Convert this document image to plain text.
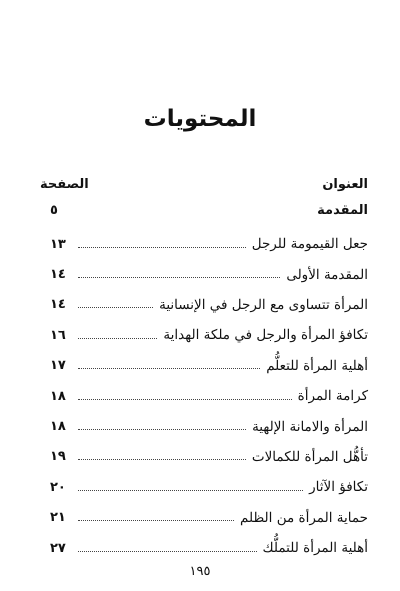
المحتويات
العنوان
الصفحة
المقدمة
٥
جعل القيمومة للرجل
١٣
المقدمة الأولى
١٤
المرأة تتساوى مع الرجل في الإنسانية
١٤
تكافؤ المرأة والرجل في ملكة الهداية
١٦
أهلية المرأة للتعلُّم
١٧
كرامة المرأة
١٨
المرأة والامانة الإلهية
١٨
تأهُّل المرأة للكمالات
١٩
تكافؤ الآثار
٢٠
حماية المرأة من الظلم
٢١
أهلية المرأة للتملُّك
٢٧
١٩٥
